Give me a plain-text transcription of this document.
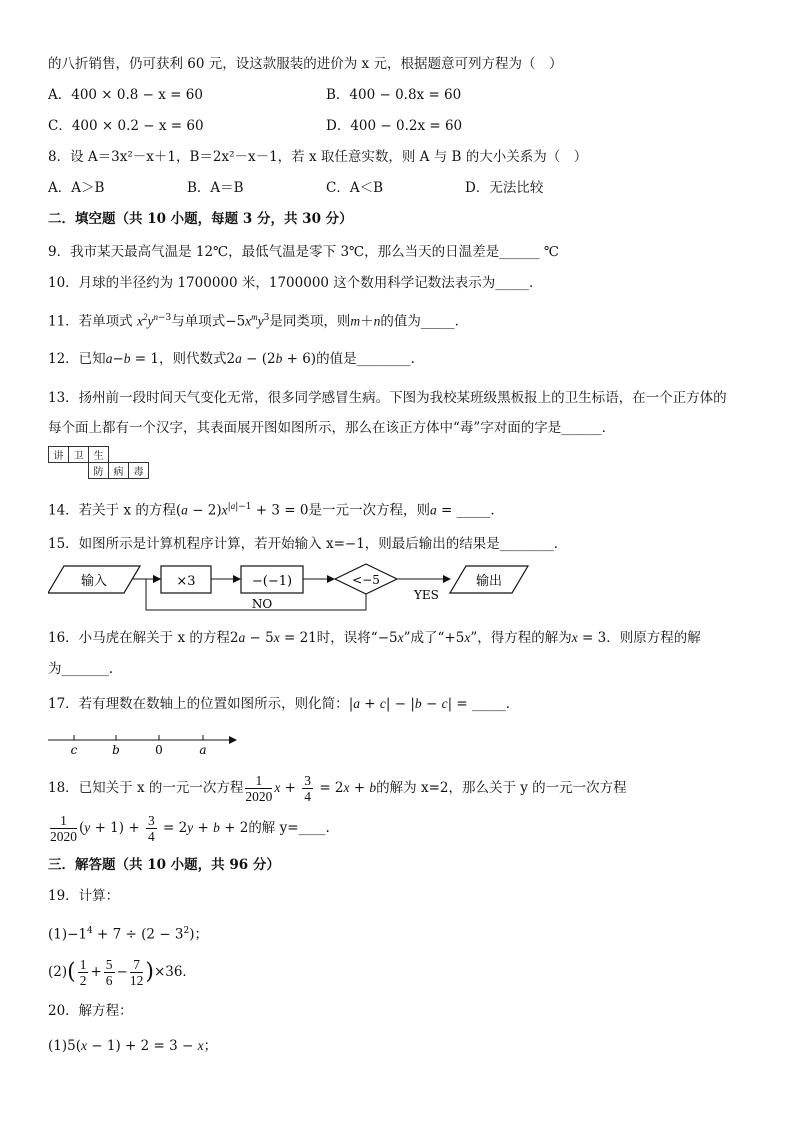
的八折销售，仍可获利 60 元，设这款服装的进价为 x 元，根据题意可列方程为（　）
A．400 × 0.8 − x = 60	B．400 − 0.8x = 60
C．400 × 0.2 − x = 60	D．400 − 0.2x = 60
8．设 A＝3x²－x＋1，B＝2x²－x－1，若 x 取任意实数，则 A 与 B 的大小关系为（　）
A．A＞B	B．A＝B	C．A＜B	D．无法比较
二．填空题（共 10 小题，每题 3 分，共 30 分）
9．我市某天最高气温是 12℃，最低气温是零下 3℃，那么当天的日温差是______ ℃
10．月球的半径约为 1700000 米，1700000 这个数用科学记数法表示为_____．
11．若单项式 $x^2y^{n-3}$与单项式$-5x^my^3$是同类项，则m＋n的值为_____．
12．已知a−b = 1，则代数式2a − (2b + 6)的值是________.
13．扬州前一段时间天气变化无常，很多同学感冒生病。下图为我校某班级黑板报上的卫生标语，在一个正方体的
每个面上都有一个汉字，其表面展开图如图所示，那么在该正方体中“毒”字对面的字是______．
讲	卫	生		
		防	病	毒
14．若关于 x 的方程$(a - 2)x^{|a|-1} + 3 = 0$是一元一次方程，则a = _____.
15．如图所示是计算机程序计算，若开始输入 x=−1，则最后输出的结果是________．
输入	×3	−(−1)	<−5
YES
输出
NO
16．小马虎在解关于 x 的方程2a − 5x = 21时，误将“−5x”成了“+5x”，得方程的解为x = 3．则原方程的解
为_______.
17．若有理数在数轴上的位置如图所示，则化简：|a + c| − |b − c| = _____．
c	b	0	a
18．已知关于 x 的一元一次方程 $\frac{1}{2020}$ $x + \frac{3}{4} = 2x + b$的解为 x=2，那么关于 y 的一元一次方程
$\frac{1}{2020} (y + 1) + \frac{3}{4} = 2y + b + 2$的解 y=____.
三．解答题（共 10 小题，共 96 分）
19．计算：
$(1)-1^4 + 7 \div (2 - 3^2)$；
$(2)( \frac{1}{2} + \frac{5}{6} - \frac{7}{12} )\times 36$．
20．解方程：
(1)5(x − 1) + 2 = 3 − x；
